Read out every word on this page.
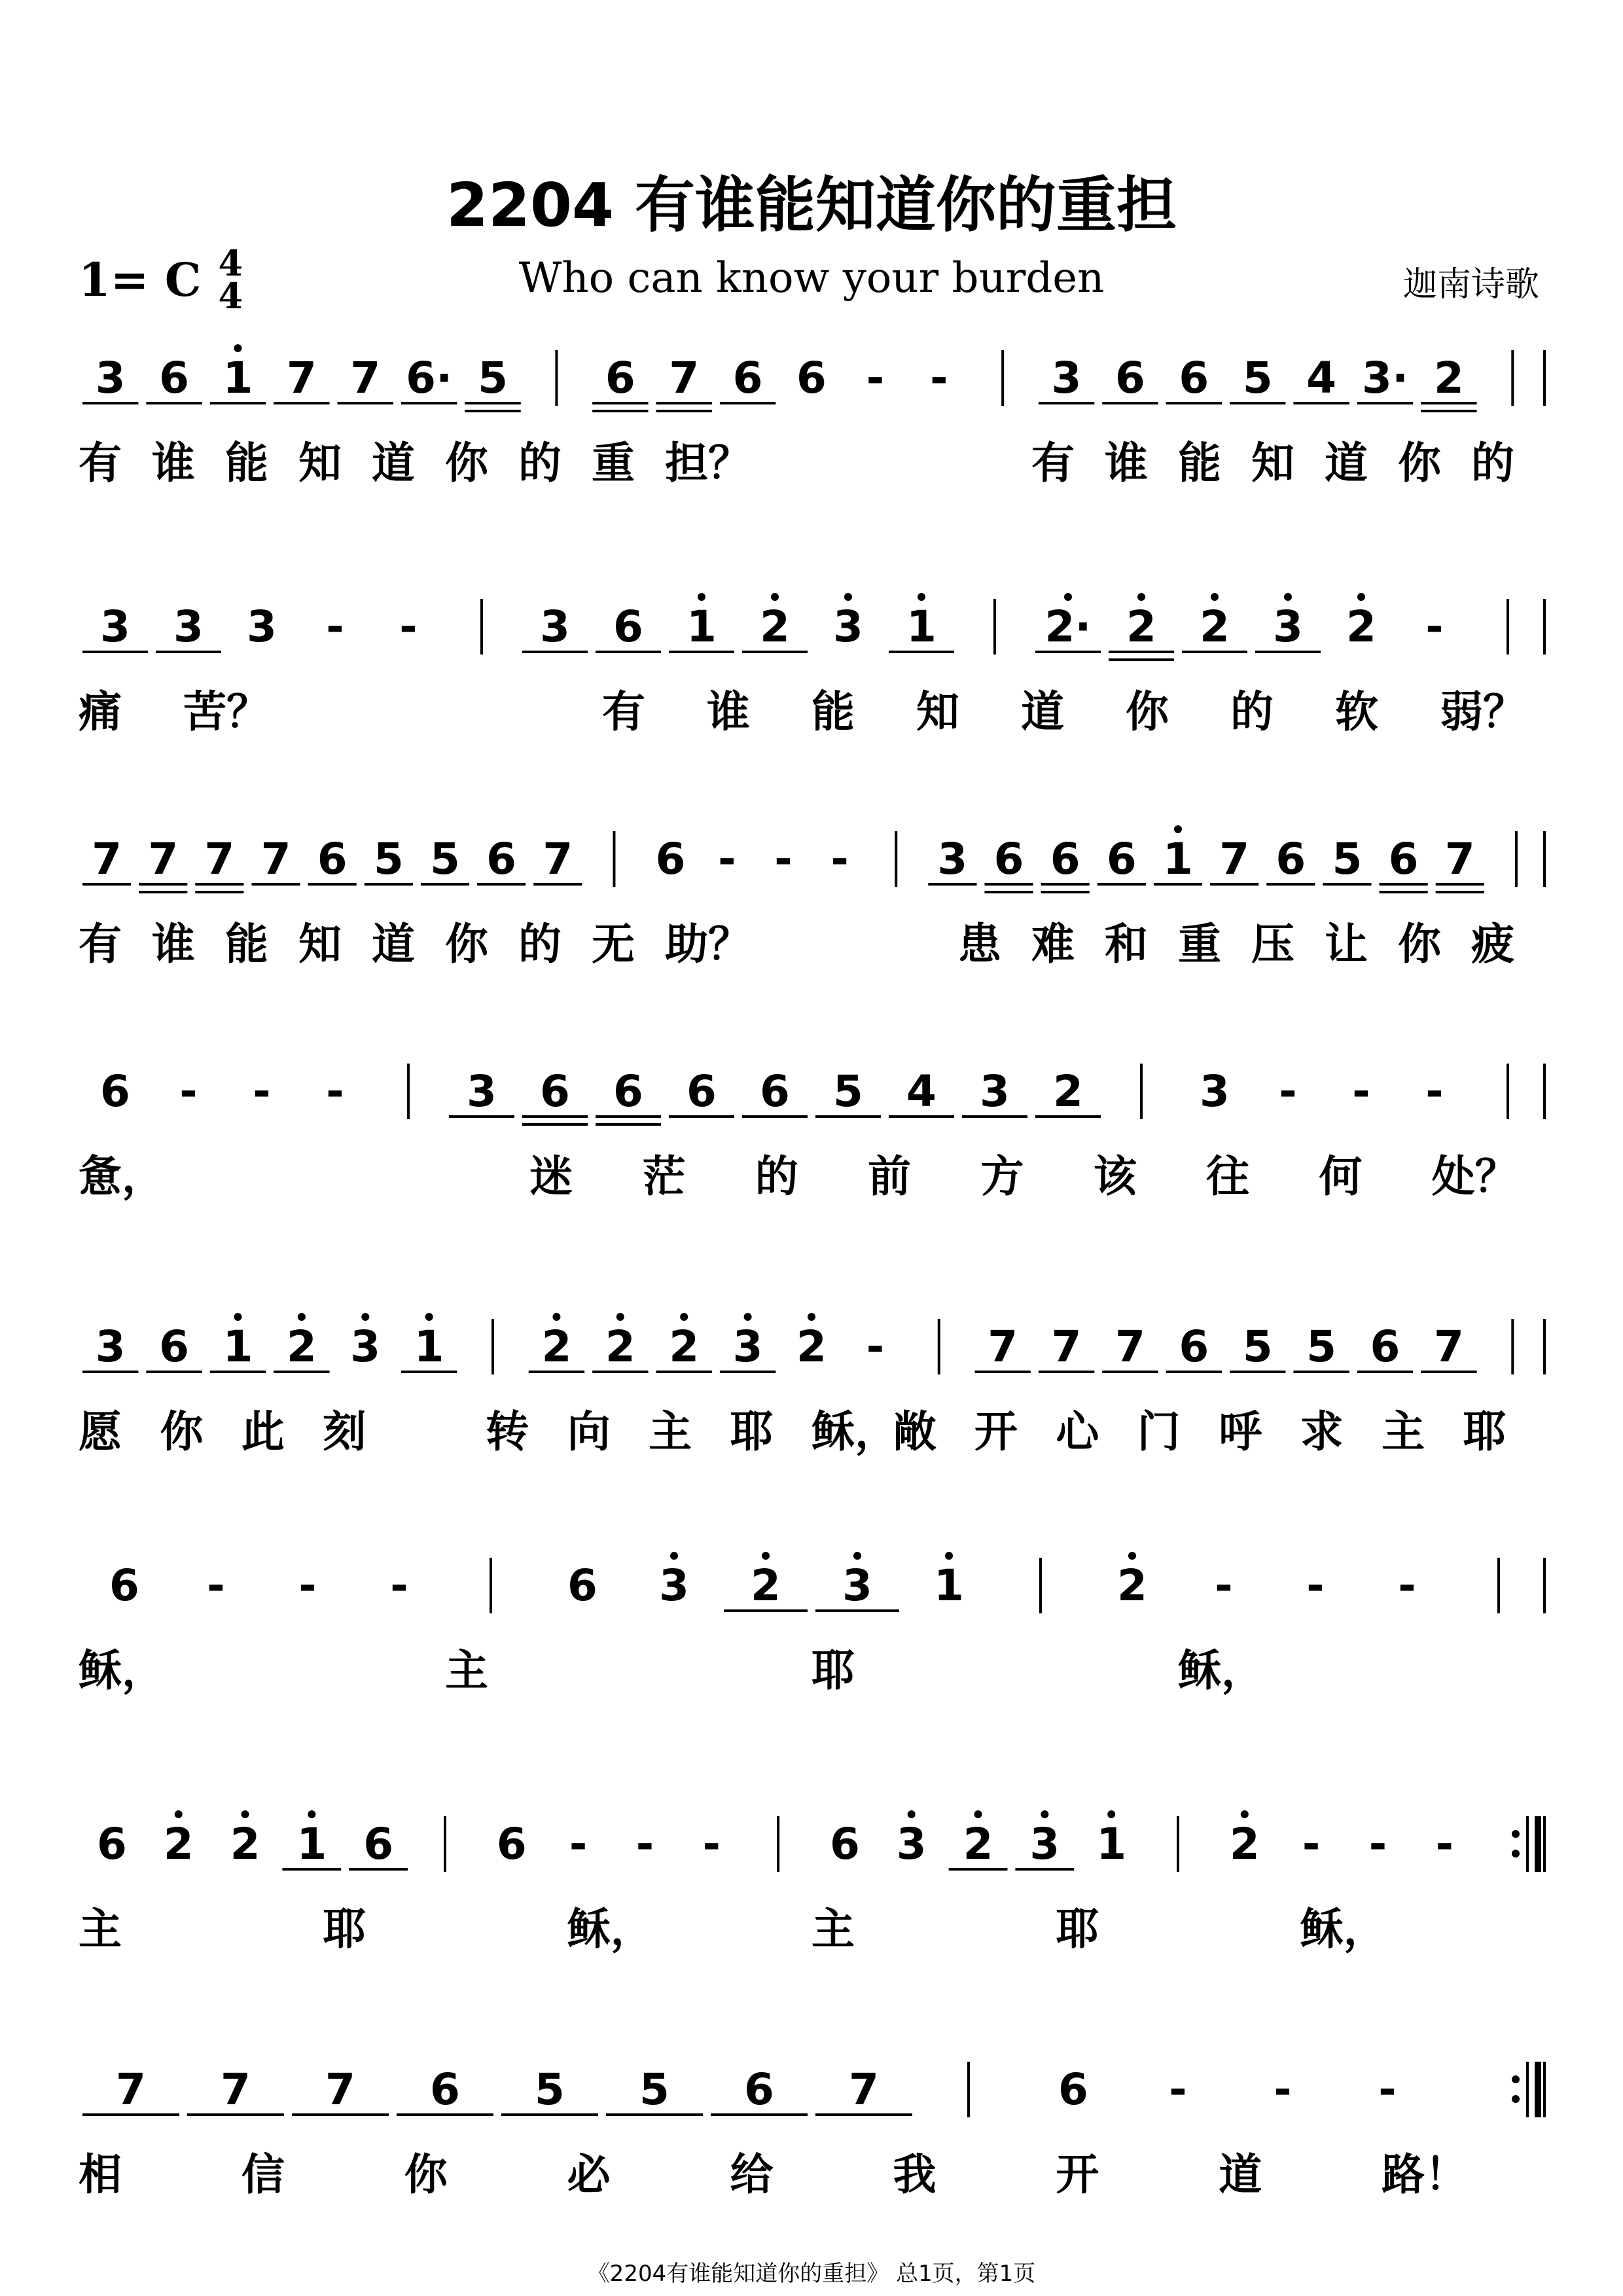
2204 有谁能知道你的重担
1= C 4
4	Who can know your burden	迦南诗歌
3 6 1 7 7 6· 5 6 7 6 6 - - 3 6 6 5 4 3· 2
有 谁 能 知 道 你 的 重 担？	有 谁 能 知 道 你 的
3 3 3 - -	3 6 1 2 3 1	2· 2 2 3 2 -
痛 苦？	有 谁 能 知 道 你 的 软 弱？
7 7 7 7 6 5 5 6 7 6 - - - 3 6 6 6 1 7 6 5 6 7
有 谁 能 知 道 你 的 无 助？	患 难 和 重 压 让 你 疲
6 - - -	3 6 6 6 6 5 4 3 2	3 - - -
惫，	迷 茫 的 前 方 该 往 何 处？
3 6 1 2 3 1 2 2 2 3 2 - 7 7 7 6 5 5 6 7
愿 你 此 刻	转 向 主 耶 稣，
敞 开 心 门 呼 求 主 耶
6 - - -	6 3 2 3 1	2 - - -
稣，	主	耶	稣，
6 2 2 1 6 6 - - -	6 3 2 3 1 2 - - -
主	耶	稣，	主	耶	稣，
7 7 7 6 5 5 6 7	6 - - -
相	信	你	必	给	我	开	道	路！
《2204有谁能知道你的重担》 总1页，第1页
